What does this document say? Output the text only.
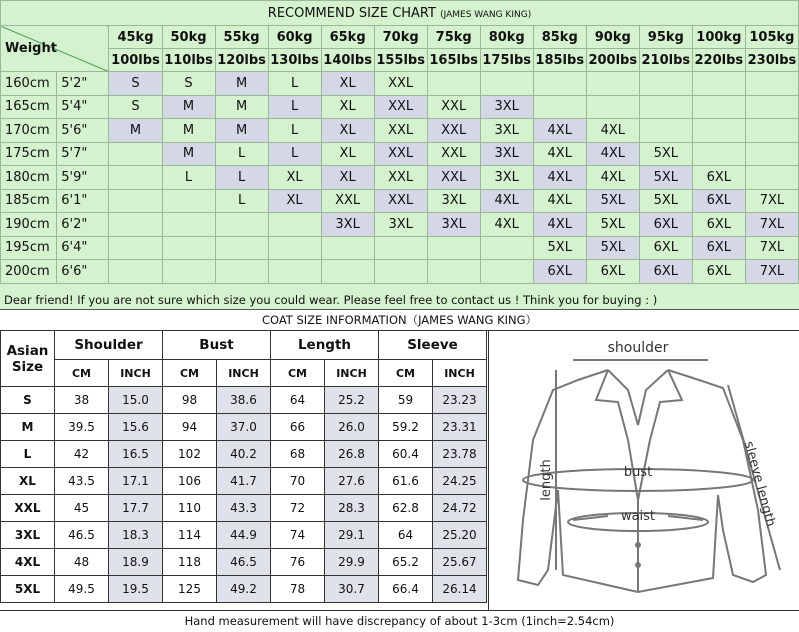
RECOMMEND SIZE CHART (JAMES WANG KING)														
Weight		45kg	50kg	55kg	60kg	65kg	70kg	75kg	80kg	85kg	90kg	95kg	100kg	105kg
		100lbs	110lbs	120lbs	130lbs	140lbs	155lbs	165lbs	175lbs	185lbs	200lbs	210lbs	220lbs	230lbs
160cm	5'2"	S	S	M	L	XL	XXL							
165cm	5'4"	S	M	M	L	XL	XXL	XXL	3XL					
170cm	5'6"	M	M	M	L	XL	XXL	XXL	3XL	4XL	4XL			
175cm	5'7"		M	L	L	XL	XXL	XXL	3XL	4XL	4XL	5XL		
180cm	5'9"		L	L	XL	XL	XXL	XXL	3XL	4XL	4XL	5XL	6XL	
185cm	6'1"			L	XL	XXL	XXL	3XL	4XL	4XL	5XL	5XL	6XL	7XL
190cm	6'2"					3XL	3XL	3XL	4XL	4XL	5XL	6XL	6XL	7XL
195cm	6'4"									5XL	5XL	6XL	6XL	7XL
200cm	6'6"									6XL	6XL	6XL	6XL	7XL
Dear friend! If you are not sure which size you could wear. Please feel free to contact us ! Think you for buying : )
COAT SIZE INFORMATION（JAMES WANG KING）
Asian
Size	Shoulder		Bust		Length		Sleeve	
	CM	INCH	CM	INCH	CM	INCH	CM	INCH
S	38	15.0	98	38.6	64	25.2	59	23.23
M	39.5	15.6	94	37.0	66	26.0	59.2	23.31
L	42	16.5	102	40.2	68	26.8	60.4	23.78
XL	43.5	17.1	106	41.7	70	27.6	61.6	24.25
XXL	45	17.7	110	43.3	72	28.3	62.8	24.72
3XL	46.5	18.3	114	44.9	74	29.1	64	25.20
4XL	48	18.9	118	46.5	76	29.9	65.2	25.67
5XL	49.5	19.5	125	49.2	78	30.7	66.4	26.14
shoulder
bust
waist
length	sleeve length
Hand measurement will have discrepancy of about 1-3cm (1inch=2.54cm)
